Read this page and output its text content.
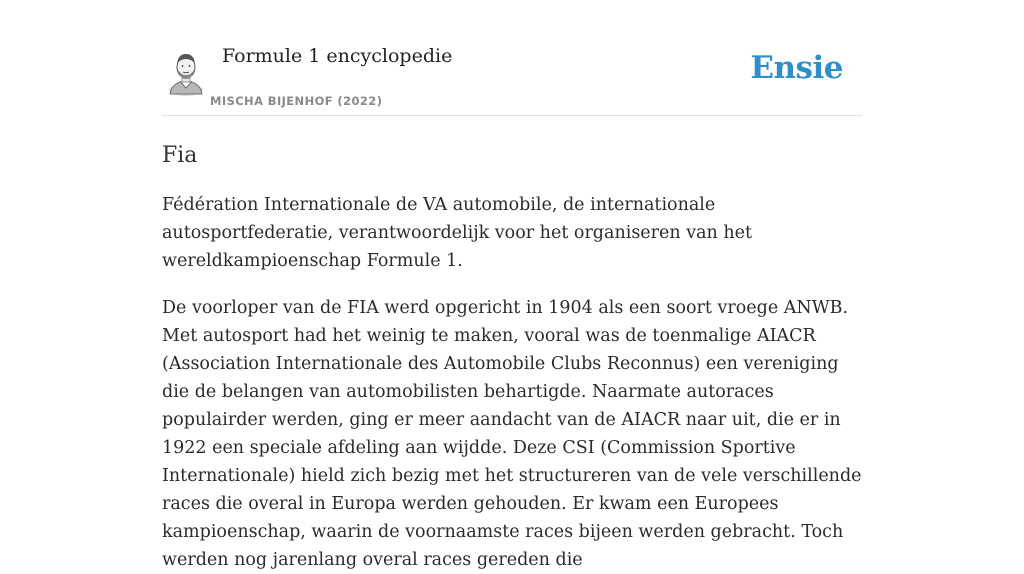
Formule 1 encyclopedie
MISCHA BIJENHOF (2022)
Ensie
Fia

Fédération Internationale de VA automobile, de internationale autosportfederatie, verantwoordelijk voor het organiseren van het wereldkampioenschap Formule 1.

De voorloper van de FIA werd opgericht in 1904 als een soort vroege ANWB. Met autosport had het weinig te maken, vooral was de toenmalige AIACR (Association Internationale des Automobile Clubs Reconnus) een vereniging die de belangen van automobilisten behartigde. Naarmate autoraces populairder werden, ging er meer aandacht van de AIACR naar uit, die er in 1922 een speciale afdeling aan wijdde. Deze CSI (Commission Sportive Internationale) hield zich bezig met het structureren van de vele verschillende races die overal in Europa werden gehouden. Er kwam een Europees kampioenschap, waarin de voornaamste races bijeen werden gebracht. Toch werden nog jarenlang overal races gereden die
